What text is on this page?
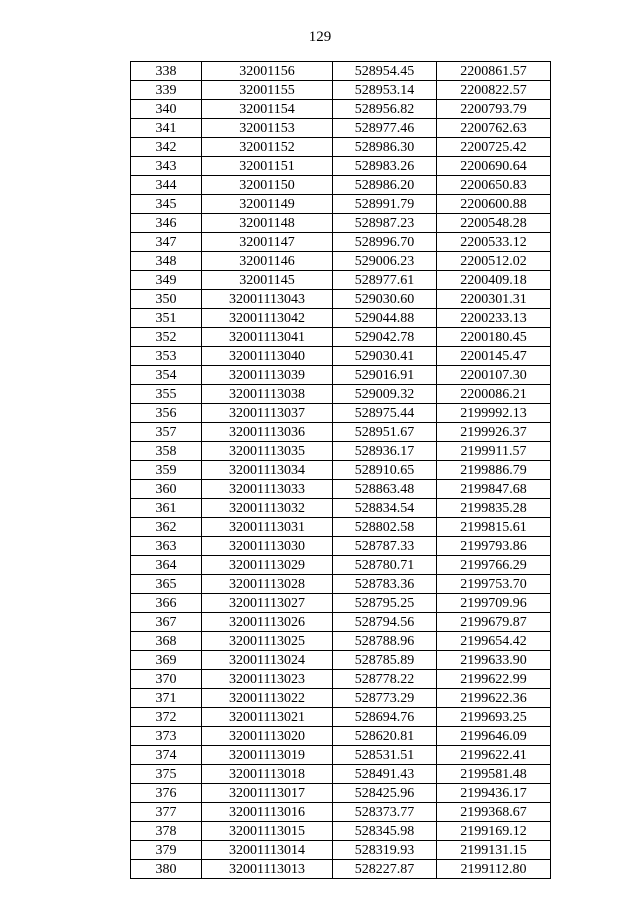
129
338	32001156	528954.45	2200861.57
339	32001155	528953.14	2200822.57
340	32001154	528956.82	2200793.79
341	32001153	528977.46	2200762.63
342	32001152	528986.30	2200725.42
343	32001151	528983.26	2200690.64
344	32001150	528986.20	2200650.83
345	32001149	528991.79	2200600.88
346	32001148	528987.23	2200548.28
347	32001147	528996.70	2200533.12
348	32001146	529006.23	2200512.02
349	32001145	528977.61	2200409.18
350	32001113043	529030.60	2200301.31
351	32001113042	529044.88	2200233.13
352	32001113041	529042.78	2200180.45
353	32001113040	529030.41	2200145.47
354	32001113039	529016.91	2200107.30
355	32001113038	529009.32	2200086.21
356	32001113037	528975.44	2199992.13
357	32001113036	528951.67	2199926.37
358	32001113035	528936.17	2199911.57
359	32001113034	528910.65	2199886.79
360	32001113033	528863.48	2199847.68
361	32001113032	528834.54	2199835.28
362	32001113031	528802.58	2199815.61
363	32001113030	528787.33	2199793.86
364	32001113029	528780.71	2199766.29
365	32001113028	528783.36	2199753.70
366	32001113027	528795.25	2199709.96
367	32001113026	528794.56	2199679.87
368	32001113025	528788.96	2199654.42
369	32001113024	528785.89	2199633.90
370	32001113023	528778.22	2199622.99
371	32001113022	528773.29	2199622.36
372	32001113021	528694.76	2199693.25
373	32001113020	528620.81	2199646.09
374	32001113019	528531.51	2199622.41
375	32001113018	528491.43	2199581.48
376	32001113017	528425.96	2199436.17
377	32001113016	528373.77	2199368.67
378	32001113015	528345.98	2199169.12
379	32001113014	528319.93	2199131.15
380	32001113013	528227.87	2199112.80
